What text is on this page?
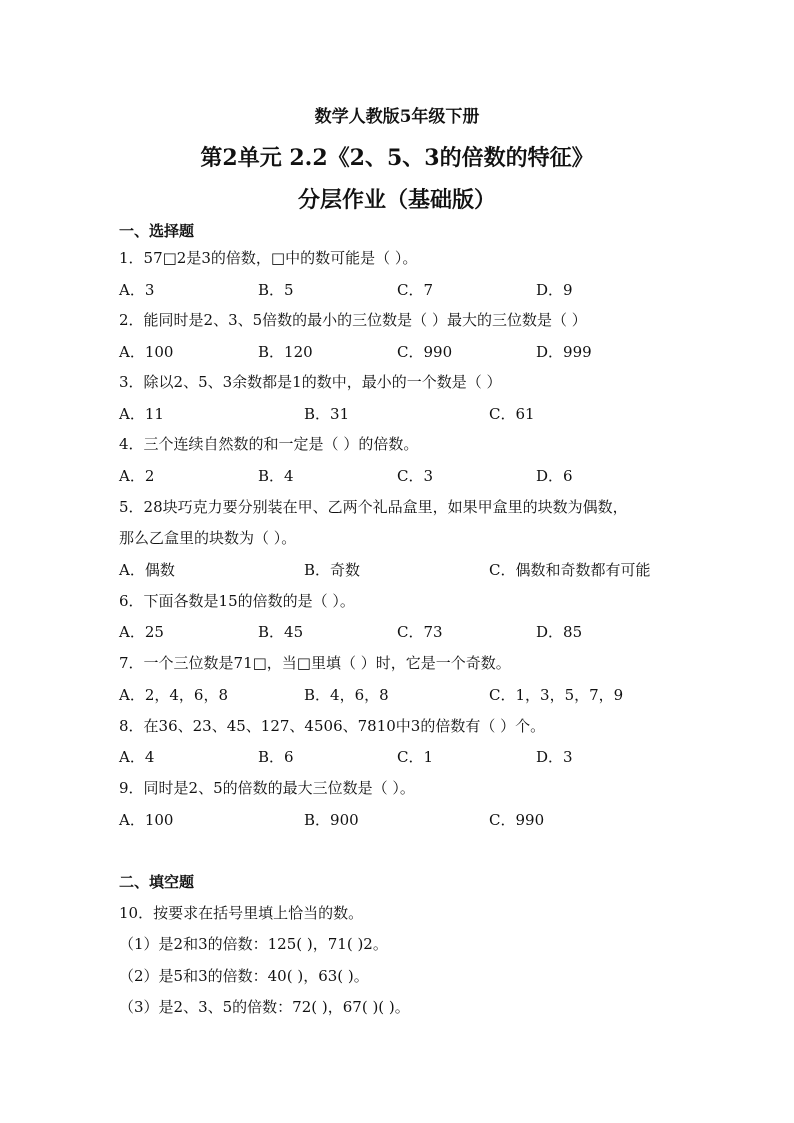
数学人教版5年级下册
第2单元 2.2《2、5、3的倍数的特征》
分层作业（基础版）
一、选择题
1．57□2是3的倍数，□中的数可能是（ ）。
A．3	B．5	C．7	D．9
2．能同时是2、3、5倍数的最小的三位数是（ ）最大的三位数是（ ）
A．100	B．120	C．990	D．999
3．除以2、5、3余数都是1的数中，最小的一个数是（ ）
A．11	B．31	C．61
4．三个连续自然数的和一定是（ ）的倍数。
A．2	B．4	C．3	D．6
5．28块巧克力要分别装在甲、乙两个礼品盒里，如果甲盒里的块数为偶数，
那么乙盒里的块数为（ ）。
A．偶数	B．奇数	C．偶数和奇数都有可能
6．下面各数是15的倍数的是（ ）。
A．25	B．45	C．73	D．85
7．一个三位数是71□，当□里填（ ）时，它是一个奇数。
A．2，4，6，8	B．4，6，8	C．1，3，5，7，9
8．在36、23、45、127、4506、7810中3的倍数有（ ）个。
A．4	B．6	C．1	D．3
9．同时是2、5的倍数的最大三位数是（ ）。
A．100	B．900	C．990
二、填空题
10．按要求在括号里填上恰当的数。
（1）是2和3的倍数：125( )，71( )2。
（2）是5和3的倍数：40( )，63( )。
（3）是2、3、5的倍数：72( )，67( )( )。
